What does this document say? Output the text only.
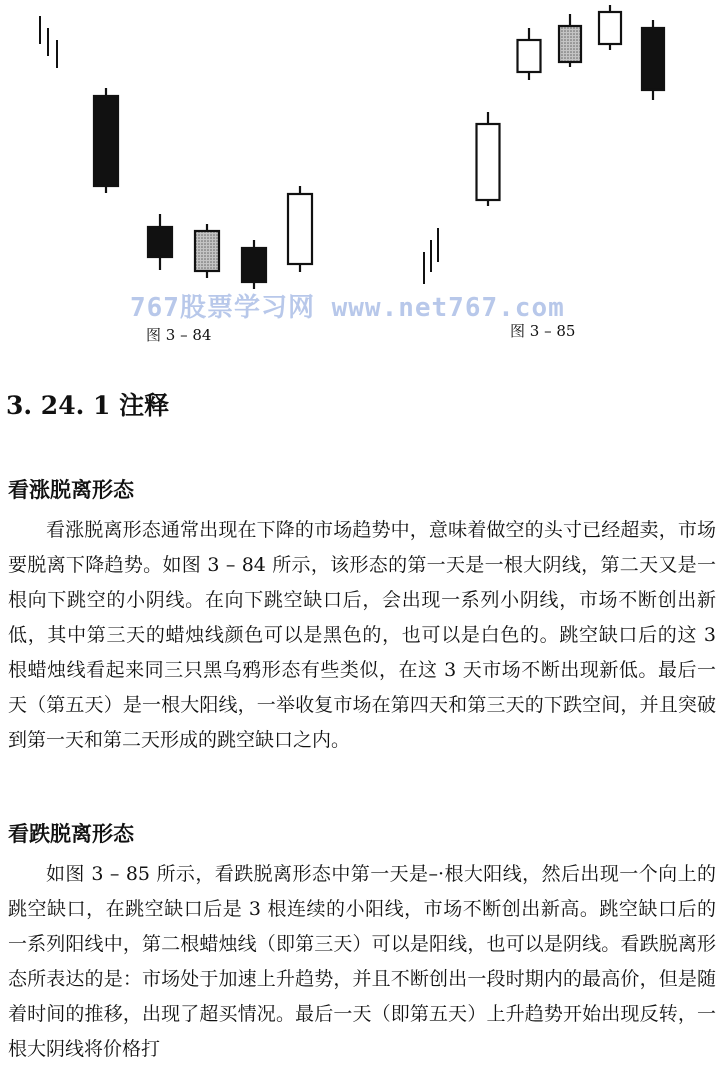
767股票学习网 www.net767.com
图 3 – 84	图 3 – 85
3. 24. 1 注释
看涨脱离形态

看涨脱离形态通常出现在下降的市场趋势中，意味着做空的头寸已经超卖，市场要脱离下降趋势。如图 3 – 84 所示，该形态的第一天是一根大阴线，第二天又是一根向下跳空的小阴线。在向下跳空缺口后，会出现一系列小阴线，市场不断创出新低，其中第三天的蜡烛线颜色可以是黑色的，也可以是白色的。跳空缺口后的这 3 根蜡烛线看起来同三只黑乌鸦形态有些类似，在这 3 天市场不断出现新低。最后一天（第五天）是一根大阳线，一举收复市场在第四天和第三天的下跌空间，并且突破到第一天和第二天形成的跳空缺口之内。

看跌脱离形态

如图 3 – 85 所示，看跌脱离形态中第一天是–·根大阳线，然后出现一个向上的跳空缺口，在跳空缺口后是 3 根连续的小阳线，市场不断创出新高。跳空缺口后的一系列阳线中，第二根蜡烛线（即第三天）可以是阳线，也可以是阴线。看跌脱离形态所表达的是：市场处于加速上升趋势，并且不断创出一段时期内的最高价，但是随着时间的推移，出现了超买情况。最后一天（即第五天）上升趋势开始出现反转，一根大阴线将价格打
